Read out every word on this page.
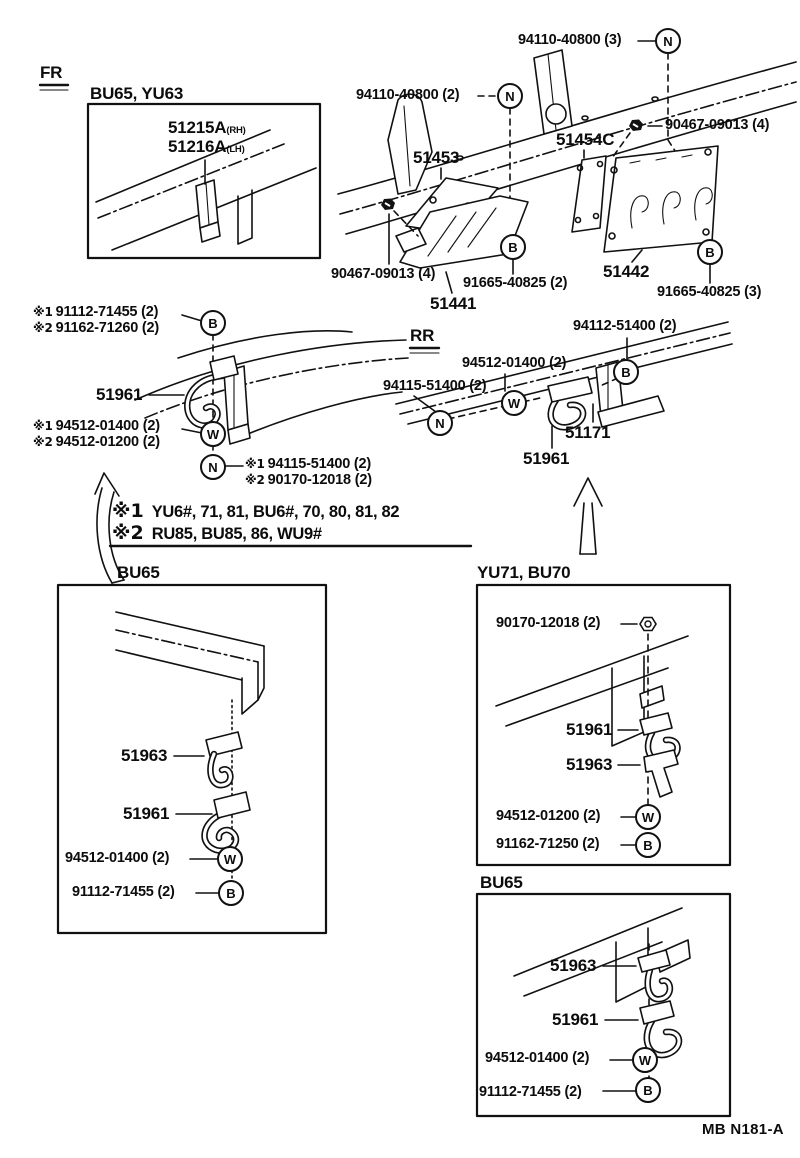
FR
RR
BU65, YU63
51215A(RH)
51216A(LH)
94110-40800 (3)
94110-40800 (2)
90467-09013 (4)
51454C
51453
90467-09013 (4)
91665-40825 (2)
51441
51442
91665-40825 (3)
※1 91112-71455 (2)
※2 91162-71260 (2)
51961
※1 94512-01400 (2)
※2 94512-01200 (2)
※1 94115-51400 (2)
※2 90170-12018 (2)
94112-51400 (2)
94512-01400 (2)
94115-51400 (2)
51171
51961
※1 YU6#, 71, 81, BU6#, 70, 80, 81, 82
※2 RU85, BU85, 86, WU9#
BU65
51963
51961
94512-01400 (2)
91112-71455 (2)
YU71, BU70
90170-12018 (2)
51961
51963
94512-01200 (2)
91162-71250 (2)
BU65
51963
51961
94512-01400 (2)
91112-71455 (2)
MB N181-A
N
N
B	B
B
W
N
B
W
N
W
B
W
B
W
B
